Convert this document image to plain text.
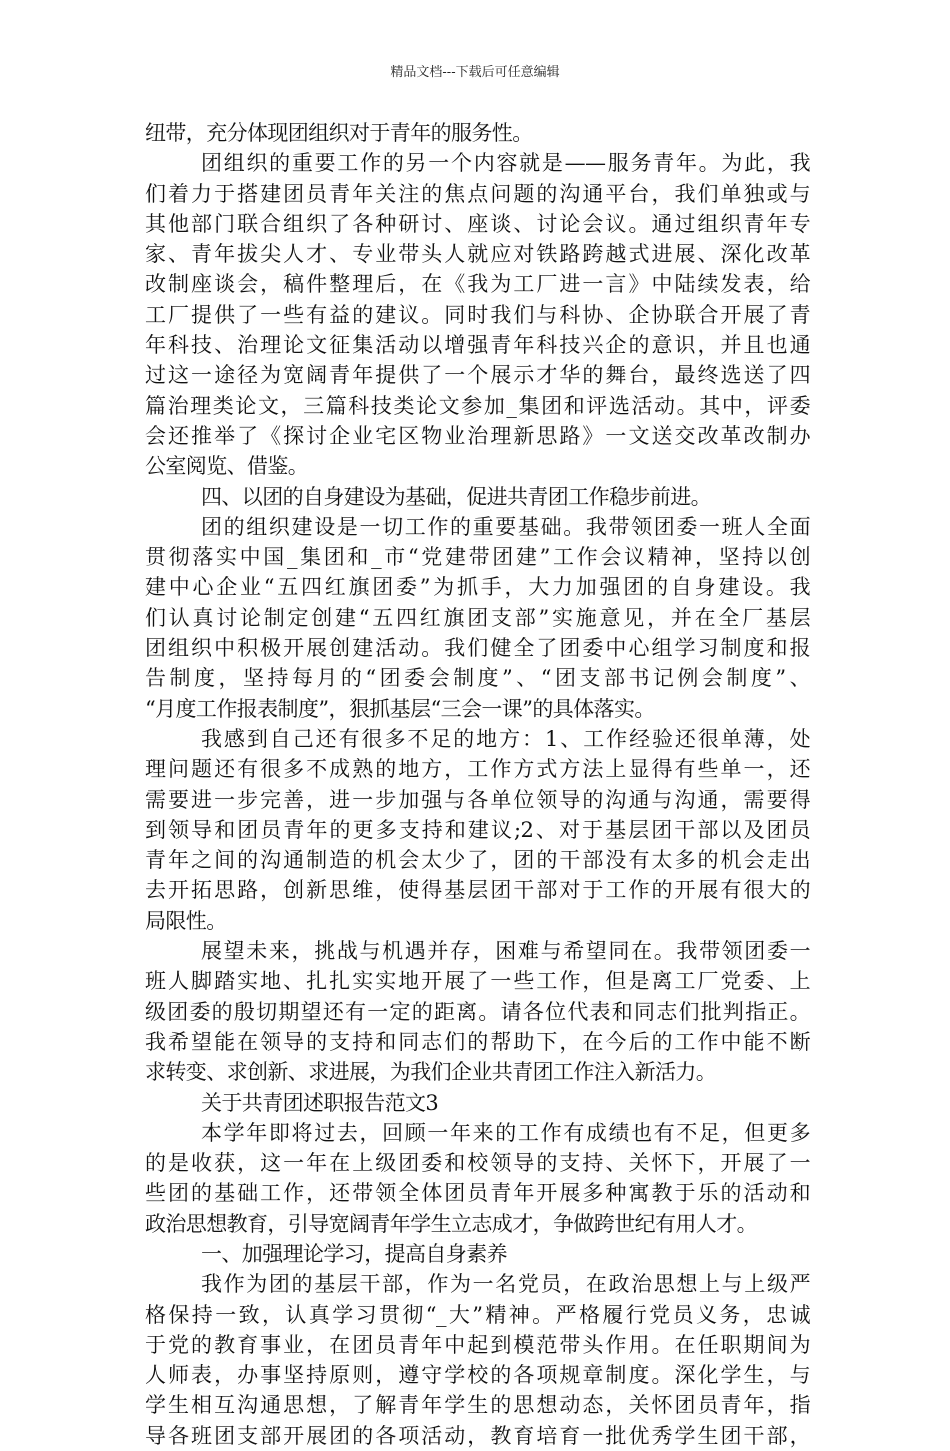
精品文档---下载后可任意编辑
纽带，充分体现团组织对于青年的服务性。
团组织的重要工作的另一个内容就是——服务青年。为此，我
们着力于搭建团员青年关注的焦点问题的沟通平台，我们单独或与
其他部门联合组织了各种研讨、座谈、讨论会议。通过组织青年专
家、青年拔尖人才、专业带头人就应对铁路跨越式进展、深化改革
改制座谈会，稿件整理后，在《我为工厂进一言》中陆续发表，给
工厂提供了一些有益的建议。同时我们与科协、企协联合开展了青
年科技、治理论文征集活动以增强青年科技兴企的意识，并且也通
过这一途径为宽阔青年提供了一个展示才华的舞台，最终选送了四
篇治理类论文，三篇科技类论文参加_集团和评选活动。其中，评委
会还推举了《探讨企业宅区物业治理新思路》一文送交改革改制办
公室阅览、借鉴。
四、以团的自身建设为基础，促进共青团工作稳步前进。
团的组织建设是一切工作的重要基础。我带领团委一班人全面
贯彻落实中国_集团和_市“党建带团建”工作会议精神，坚持以创
建中心企业“五四红旗团委”为抓手，大力加强团的自身建设。我
们认真讨论制定创建“五四红旗团支部”实施意见，并在全厂基层
团组织中积极开展创建活动。我们健全了团委中心组学习制度和报
告制度，坚持每月的“团委会制度”、“团支部书记例会制度”、
“月度工作报表制度”，狠抓基层“三会一课”的具体落实。
我感到自己还有很多不足的地方：1、工作经验还很单薄，处
理问题还有很多不成熟的地方，工作方式方法上显得有些单一，还
需要进一步完善，进一步加强与各单位领导的沟通与沟通，需要得
到领导和团员青年的更多支持和建议;2、对于基层团干部以及团员
青年之间的沟通制造的机会太少了，团的干部没有太多的机会走出
去开拓思路，创新思维，使得基层团干部对于工作的开展有很大的
局限性。
展望未来，挑战与机遇并存，困难与希望同在。我带领团委一
班人脚踏实地、扎扎实实地开展了一些工作，但是离工厂党委、上
级团委的殷切期望还有一定的距离。请各位代表和同志们批判指正。
我希望能在领导的支持和同志们的帮助下，在今后的工作中能不断
求转变、求创新、求进展，为我们企业共青团工作注入新活力。
关于共青团述职报告范文3
本学年即将过去，回顾一年来的工作有成绩也有不足，但更多
的是收获，这一年在上级团委和校领导的支持、关怀下，开展了一
些团的基础工作，还带领全体团员青年开展多种寓教于乐的活动和
政治思想教育，引导宽阔青年学生立志成才，争做跨世纪有用人才。
一、加强理论学习，提高自身素养
我作为团的基层干部，作为一名党员，在政治思想上与上级严
格保持一致，认真学习贯彻“_大”精神。严格履行党员义务，忠诚
于党的教育事业，在团员青年中起到模范带头作用。在任职期间为
人师表，办事坚持原则，遵守学校的各项规章制度。深化学生，与
学生相互沟通思想，了解青年学生的思想动态，关怀团员青年，指
导各班团支部开展团的各项活动，教育培育一批优秀学生团干部，
